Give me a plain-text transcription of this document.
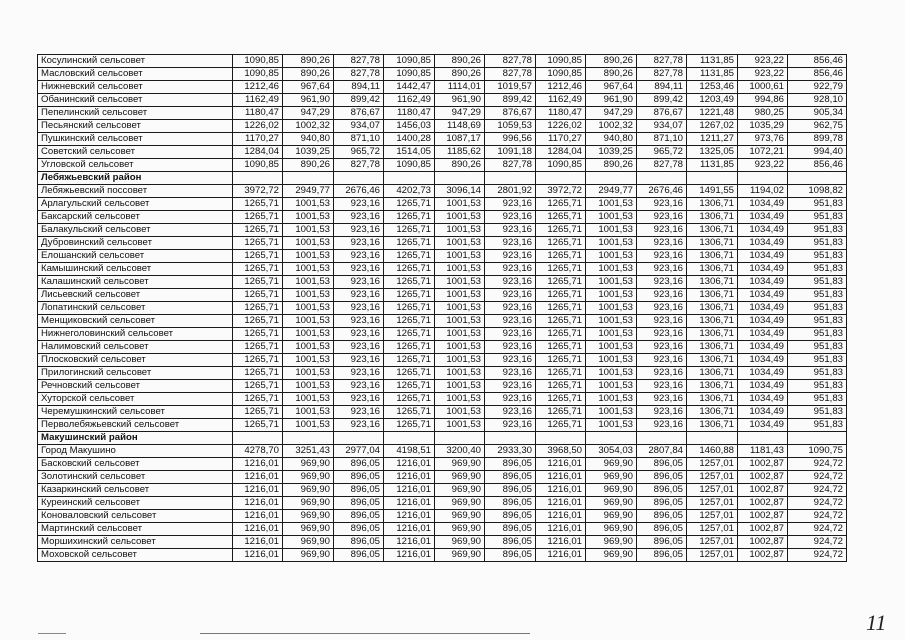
Косулинский сельсовет	1090,85	890,26	827,78	1090,85	890,26	827,78	1090,85	890,26	827,78	1131,85	923,22	856,46
Масловский сельсовет	1090,85	890,26	827,78	1090,85	890,26	827,78	1090,85	890,26	827,78	1131,85	923,22	856,46
Нижневский сельсовет	1212,46	967,64	894,11	1442,47	1114,01	1019,57	1212,46	967,64	894,11	1253,46	1000,61	922,79
Обанинский сельсовет	1162,49	961,90	899,42	1162,49	961,90	899,42	1162,49	961,90	899,42	1203,49	994,86	928,10
Пепелинский сельсовет	1180,47	947,29	876,67	1180,47	947,29	876,67	1180,47	947,29	876,67	1221,48	980,25	905,34
Песьянский сельсовет	1226,02	1002,32	934,07	1456,03	1148,69	1059,53	1226,02	1002,32	934,07	1267,02	1035,29	962,75
Пушкинский сельсовет	1170,27	940,80	871,10	1400,28	1087,17	996,56	1170,27	940,80	871,10	1211,27	973,76	899,78
Советский сельсовет	1284,04	1039,25	965,72	1514,05	1185,62	1091,18	1284,04	1039,25	965,72	1325,05	1072,21	994,40
Угловской сельсовет	1090,85	890,26	827,78	1090,85	890,26	827,78	1090,85	890,26	827,78	1131,85	923,22	856,46
Лебяжьевский район												
Лебяжьевский поссовет	3972,72	2949,77	2676,46	4202,73	3096,14	2801,92	3972,72	2949,77	2676,46	1491,55	1194,02	1098,82
Арлагульский сельсовет	1265,71	1001,53	923,16	1265,71	1001,53	923,16	1265,71	1001,53	923,16	1306,71	1034,49	951,83
Баксарский сельсовет	1265,71	1001,53	923,16	1265,71	1001,53	923,16	1265,71	1001,53	923,16	1306,71	1034,49	951,83
Балакульский сельсовет	1265,71	1001,53	923,16	1265,71	1001,53	923,16	1265,71	1001,53	923,16	1306,71	1034,49	951,83
Дубровинский сельсовет	1265,71	1001,53	923,16	1265,71	1001,53	923,16	1265,71	1001,53	923,16	1306,71	1034,49	951,83
Елошанский сельсовет	1265,71	1001,53	923,16	1265,71	1001,53	923,16	1265,71	1001,53	923,16	1306,71	1034,49	951,83
Камышинский сельсовет	1265,71	1001,53	923,16	1265,71	1001,53	923,16	1265,71	1001,53	923,16	1306,71	1034,49	951,83
Калашинский сельсовет	1265,71	1001,53	923,16	1265,71	1001,53	923,16	1265,71	1001,53	923,16	1306,71	1034,49	951,83
Лисьевский сельсовет	1265,71	1001,53	923,16	1265,71	1001,53	923,16	1265,71	1001,53	923,16	1306,71	1034,49	951,83
Лопатинский сельсовет	1265,71	1001,53	923,16	1265,71	1001,53	923,16	1265,71	1001,53	923,16	1306,71	1034,49	951,83
Менщиковский сельсовет	1265,71	1001,53	923,16	1265,71	1001,53	923,16	1265,71	1001,53	923,16	1306,71	1034,49	951,83
Нижнеголовинский сельсовет	1265,71	1001,53	923,16	1265,71	1001,53	923,16	1265,71	1001,53	923,16	1306,71	1034,49	951,83
Налимовский сельсовет	1265,71	1001,53	923,16	1265,71	1001,53	923,16	1265,71	1001,53	923,16	1306,71	1034,49	951,83
Плосковский сельсовет	1265,71	1001,53	923,16	1265,71	1001,53	923,16	1265,71	1001,53	923,16	1306,71	1034,49	951,83
Прилогинский сельсовет	1265,71	1001,53	923,16	1265,71	1001,53	923,16	1265,71	1001,53	923,16	1306,71	1034,49	951,83
Речновский сельсовет	1265,71	1001,53	923,16	1265,71	1001,53	923,16	1265,71	1001,53	923,16	1306,71	1034,49	951,83
Хуторской сельсовет	1265,71	1001,53	923,16	1265,71	1001,53	923,16	1265,71	1001,53	923,16	1306,71	1034,49	951,83
Черемушкинский сельсовет	1265,71	1001,53	923,16	1265,71	1001,53	923,16	1265,71	1001,53	923,16	1306,71	1034,49	951,83
Перволебяжьевский сельсовет	1265,71	1001,53	923,16	1265,71	1001,53	923,16	1265,71	1001,53	923,16	1306,71	1034,49	951,83
Макушинский район												
Город Макушино	4278,70	3251,43	2977,04	4198,51	3200,40	2933,30	3968,50	3054,03	2807,84	1460,88	1181,43	1090,75
Басковский сельсовет	1216,01	969,90	896,05	1216,01	969,90	896,05	1216,01	969,90	896,05	1257,01	1002,87	924,72
Золотинский сельсовет	1216,01	969,90	896,05	1216,01	969,90	896,05	1216,01	969,90	896,05	1257,01	1002,87	924,72
Казаркинский сельсовет	1216,01	969,90	896,05	1216,01	969,90	896,05	1216,01	969,90	896,05	1257,01	1002,87	924,72
Куреинский сельсовет	1216,01	969,90	896,05	1216,01	969,90	896,05	1216,01	969,90	896,05	1257,01	1002,87	924,72
Коноваловский сельсовет	1216,01	969,90	896,05	1216,01	969,90	896,05	1216,01	969,90	896,05	1257,01	1002,87	924,72
Мартинский сельсовет	1216,01	969,90	896,05	1216,01	969,90	896,05	1216,01	969,90	896,05	1257,01	1002,87	924,72
Моршихинский сельсовет	1216,01	969,90	896,05	1216,01	969,90	896,05	1216,01	969,90	896,05	1257,01	1002,87	924,72
Моховской сельсовет	1216,01	969,90	896,05	1216,01	969,90	896,05	1216,01	969,90	896,05	1257,01	1002,87	924,72
11
